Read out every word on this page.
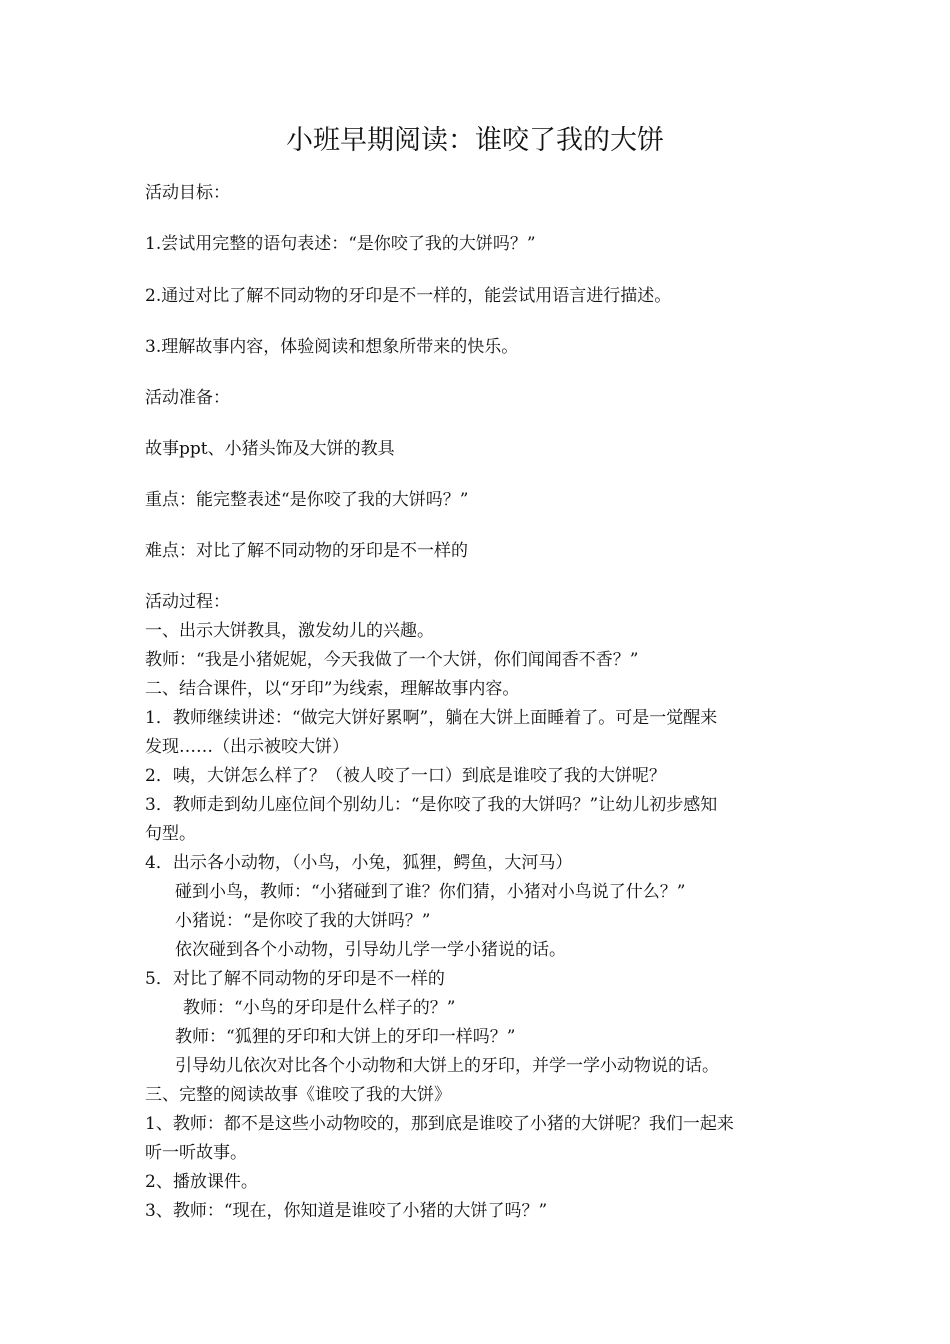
小班早期阅读：谁咬了我的大饼
活动目标：
1.尝试用完整的语句表述：“是你咬了我的大饼吗？”
2.通过对比了解不同动物的牙印是不一样的，能尝试用语言进行描述。
3.理解故事内容，体验阅读和想象所带来的快乐。
活动准备：
故事ppt、小猪头饰及大饼的教具
重点：能完整表述“是你咬了我的大饼吗？”
难点：对比了解不同动物的牙印是不一样的
活动过程：
一、出示大饼教具，激发幼儿的兴趣。
教师：“我是小猪妮妮，今天我做了一个大饼，你们闻闻香不香？”
二、结合课件，以“牙印”为线索，理解故事内容。
1．教师继续讲述：“做完大饼好累啊”，躺在大饼上面睡着了。可是一觉醒来
发现……（出示被咬大饼）
2．咦，大饼怎么样了？（被人咬了一口）到底是谁咬了我的大饼呢？
3．教师走到幼儿座位间个别幼儿：“是你咬了我的大饼吗？”让幼儿初步感知
句型。
4．出示各小动物，（小鸟，小兔，狐狸，鳄鱼，大河马）
碰到小鸟，教师：“小猪碰到了谁？你们猜，小猪对小鸟说了什么？”
小猪说：“是你咬了我的大饼吗？”
依次碰到各个小动物，引导幼儿学一学小猪说的话。
5．对比了解不同动物的牙印是不一样的
教师：“小鸟的牙印是什么样子的？”
教师：“狐狸的牙印和大饼上的牙印一样吗？”
引导幼儿依次对比各个小动物和大饼上的牙印，并学一学小动物说的话。
三、完整的阅读故事《谁咬了我的大饼》
1、教师：都不是这些小动物咬的，那到底是谁咬了小猪的大饼呢？我们一起来
听一听故事。
2、播放课件。
3、教师：“现在，你知道是谁咬了小猪的大饼了吗？”
